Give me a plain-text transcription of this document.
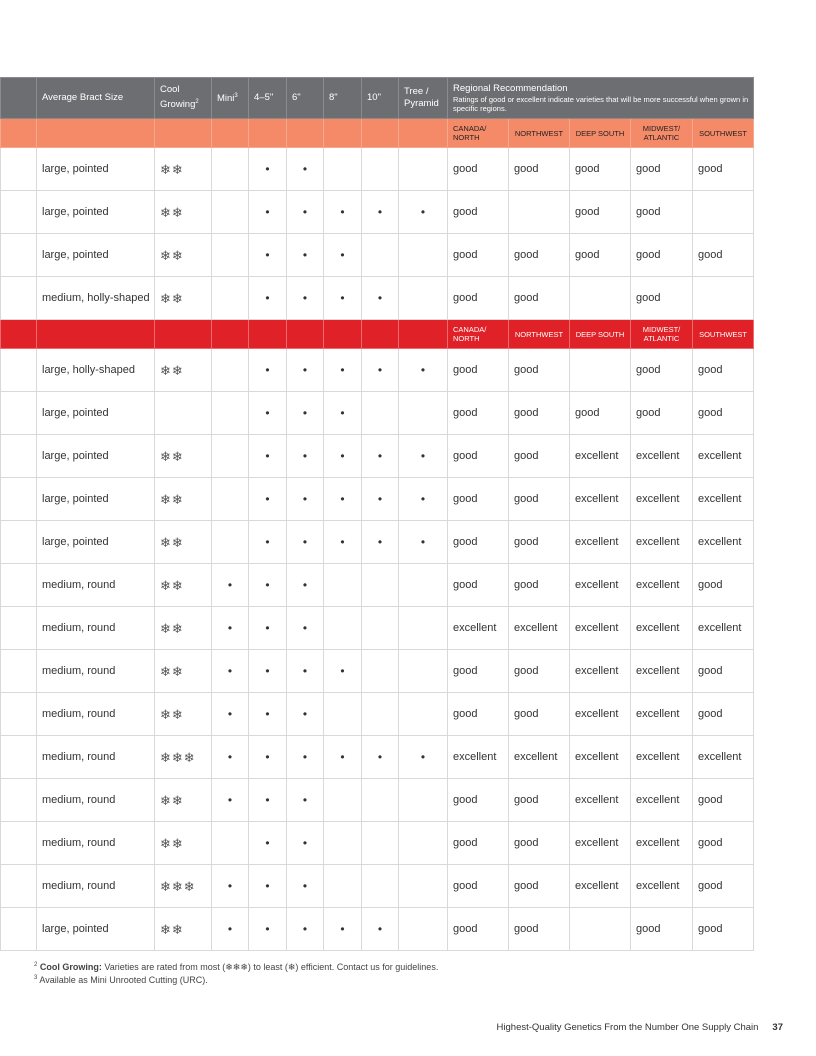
	Average Bract Size	Cool Growing$^2$	Mini$^3$	4–5"	6"	8"	10"	Tree / Pyramid	Regional Recommendation
Ratings of good or excellent indicate varieties that will be more successful when grown in specific regions.				

									CANADA/ NORTH	NORTHWEST	DEEP SOUTH	MIDWEST/ ATLANTIC	SOUTHWEST
	large, pointed	❄❄		•	•				good	good	good	good	good
	large, pointed	❄❄		•	•	•	•	•	good		good	good	
	large, pointed	❄❄		•	•	•			good	good	good	good	good
	medium, holly-shaped	❄❄		•	•	•	•		good	good		good	
									CANADA/ NORTH	NORTHWEST	DEEP SOUTH	MIDWEST/ ATLANTIC	SOUTHWEST
	large, holly-shaped	❄❄		•	•	•	•	•	good	good		good	good
	large, pointed			•	•	•			good	good	good	good	good
	large, pointed	❄❄		•	•	•	•	•	good	good	excellent	excellent	excellent
	large, pointed	❄❄		•	•	•	•	•	good	good	excellent	excellent	excellent
	large, pointed	❄❄		•	•	•	•	•	good	good	excellent	excellent	excellent
	medium, round	❄❄	•	•	•				good	good	excellent	excellent	good
	medium, round	❄❄	•	•	•				excellent	excellent	excellent	excellent	excellent
	medium, round	❄❄	•	•	•	•			good	good	excellent	excellent	good
	medium, round	❄❄	•	•	•				good	good	excellent	excellent	good
	medium, round	❄❄❄	•	•	•	•	•	•	excellent	excellent	excellent	excellent	excellent
	medium, round	❄❄	•	•	•				good	good	excellent	excellent	good
	medium, round	❄❄		•	•				good	good	excellent	excellent	good
	medium, round	❄❄❄	•	•	•				good	good	excellent	excellent	good
	large, pointed	❄❄	•	•	•	•	•		good	good		good	good
$^2$ Cool Growing: Varieties are rated from most (❄❄❄) to least (❄) efficient. Contact us for guidelines.
$^3$ Available as Mini Unrooted Cutting (URC).
Highest-Quality Genetics From the Number One Supply Chain 37
